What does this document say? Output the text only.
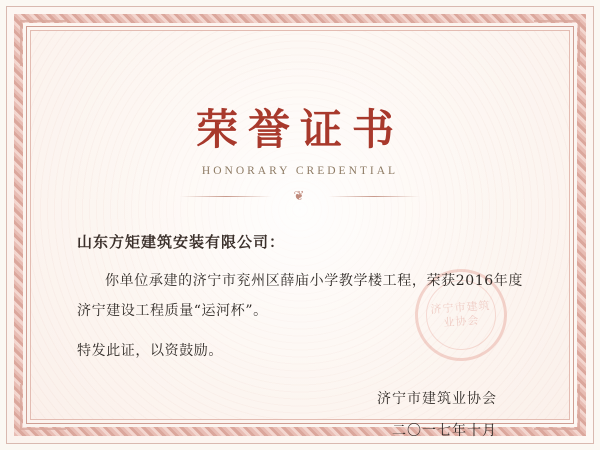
济宁市建筑业协会
荣誉证书
HONORARY CREDENTIAL
❦
山东方矩建筑安装有限公司：
你单位承建的济宁市兖州区薛庙小学教学楼工程，荣获2016年度济宁建设工程质量“运河杯”。
特发此证，以资鼓励。
济宁市建筑业协会
二〇一七年十月
